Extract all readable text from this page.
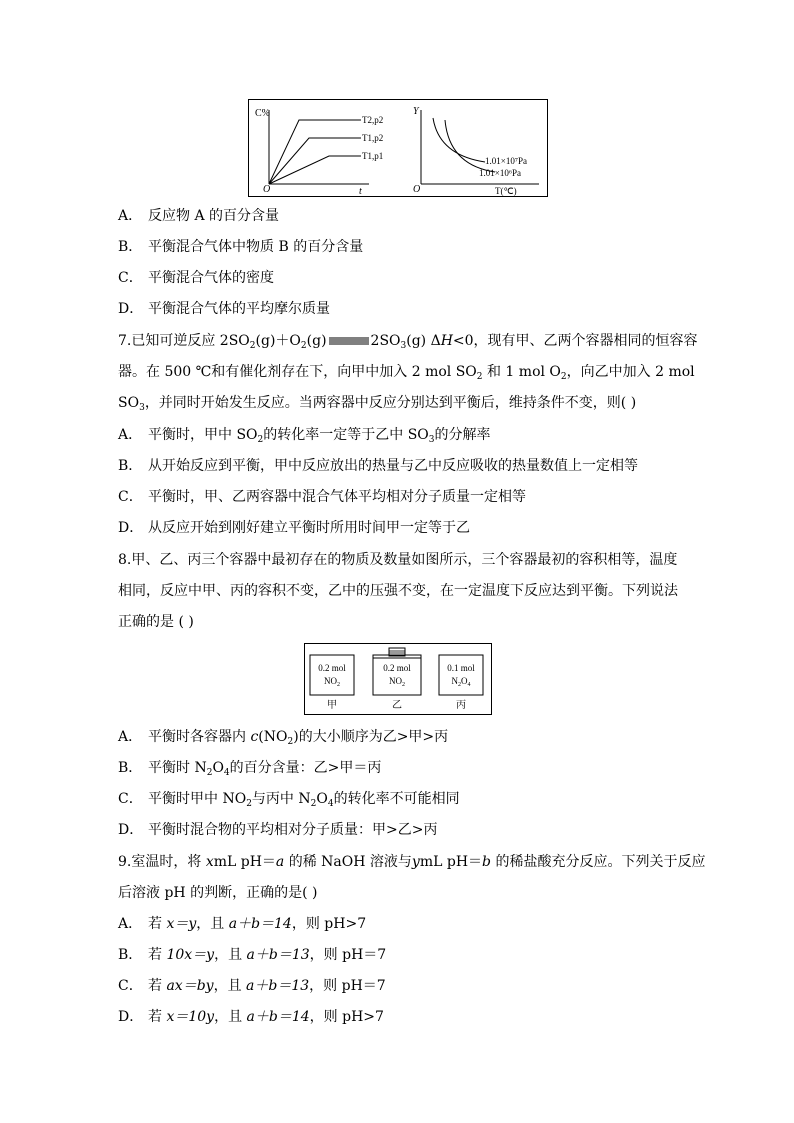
C%
O	t
T2,p2
T1,p2
T1,p1
Y
O	T(℃)
1.01×10⁷Pa
1.01×10⁶Pa
A． 反应物 A 的百分含量
B． 平衡混合气体中物质 B 的百分含量
C． 平衡混合气体的密度
D． 平衡混合气体的平均摩尔质量
7.已知可逆反应 $2SO_2(g)+O_2(g)$	$2SO_3(g)$ ΔH<0，现有甲、乙两个容器相同的恒容容
器。在 500 ℃和有催化剂存在下，向甲中加入 2 mol $SO_2$ 和 1 mol $O_2$，向乙中加入 2 mol
$SO_3$，并同时开始发生反应。当两容器中反应分别达到平衡后，维持条件不变，则( )
A． 平衡时，甲中 $SO_2$的转化率一定等于乙中 $SO_3$的分解率
B． 从开始反应到平衡，甲中反应放出的热量与乙中反应吸收的热量数值上一定相等
C． 平衡时，甲、乙两容器中混合气体平均相对分子质量一定相等
D． 从反应开始到刚好建立平衡时所用时间甲一定等于乙
8.甲、乙、丙三个容器中最初存在的物质及数量如图所示，三个容器最初的容积相等，温度
相同，反应中甲、丙的容积不变，乙中的压强不变，在一定温度下反应达到平衡。下列说法
正确的是 ( )
0.2 mol
$NO_2$
甲
0.2 mol
$NO_2$
乙
0.1 mol
$N_2O_4$
丙
A． 平衡时各容器内 $c(NO_2)$的大小顺序为乙>甲>丙
B． 平衡时 $N_2O_4$的百分含量：乙>甲＝丙
C． 平衡时甲中 $NO_2$与丙中 $N_2O_4$的转化率不可能相同
D． 平衡时混合物的平均相对分子质量：甲>乙>丙
9.室温时，将 xmL pH＝a 的稀 NaOH 溶液与ymL pH＝b 的稀盐酸充分反应。下列关于反应
后溶液 pH 的判断，正确的是( )
A． 若 x＝y，且 a＋b＝14，则 pH>7
B． 若 10x＝y，且 a＋b＝13，则 pH＝7
C． 若 ax＝by，且 a＋b＝13，则 pH＝7
D． 若 x＝10y，且 a＋b＝14，则 pH>7
